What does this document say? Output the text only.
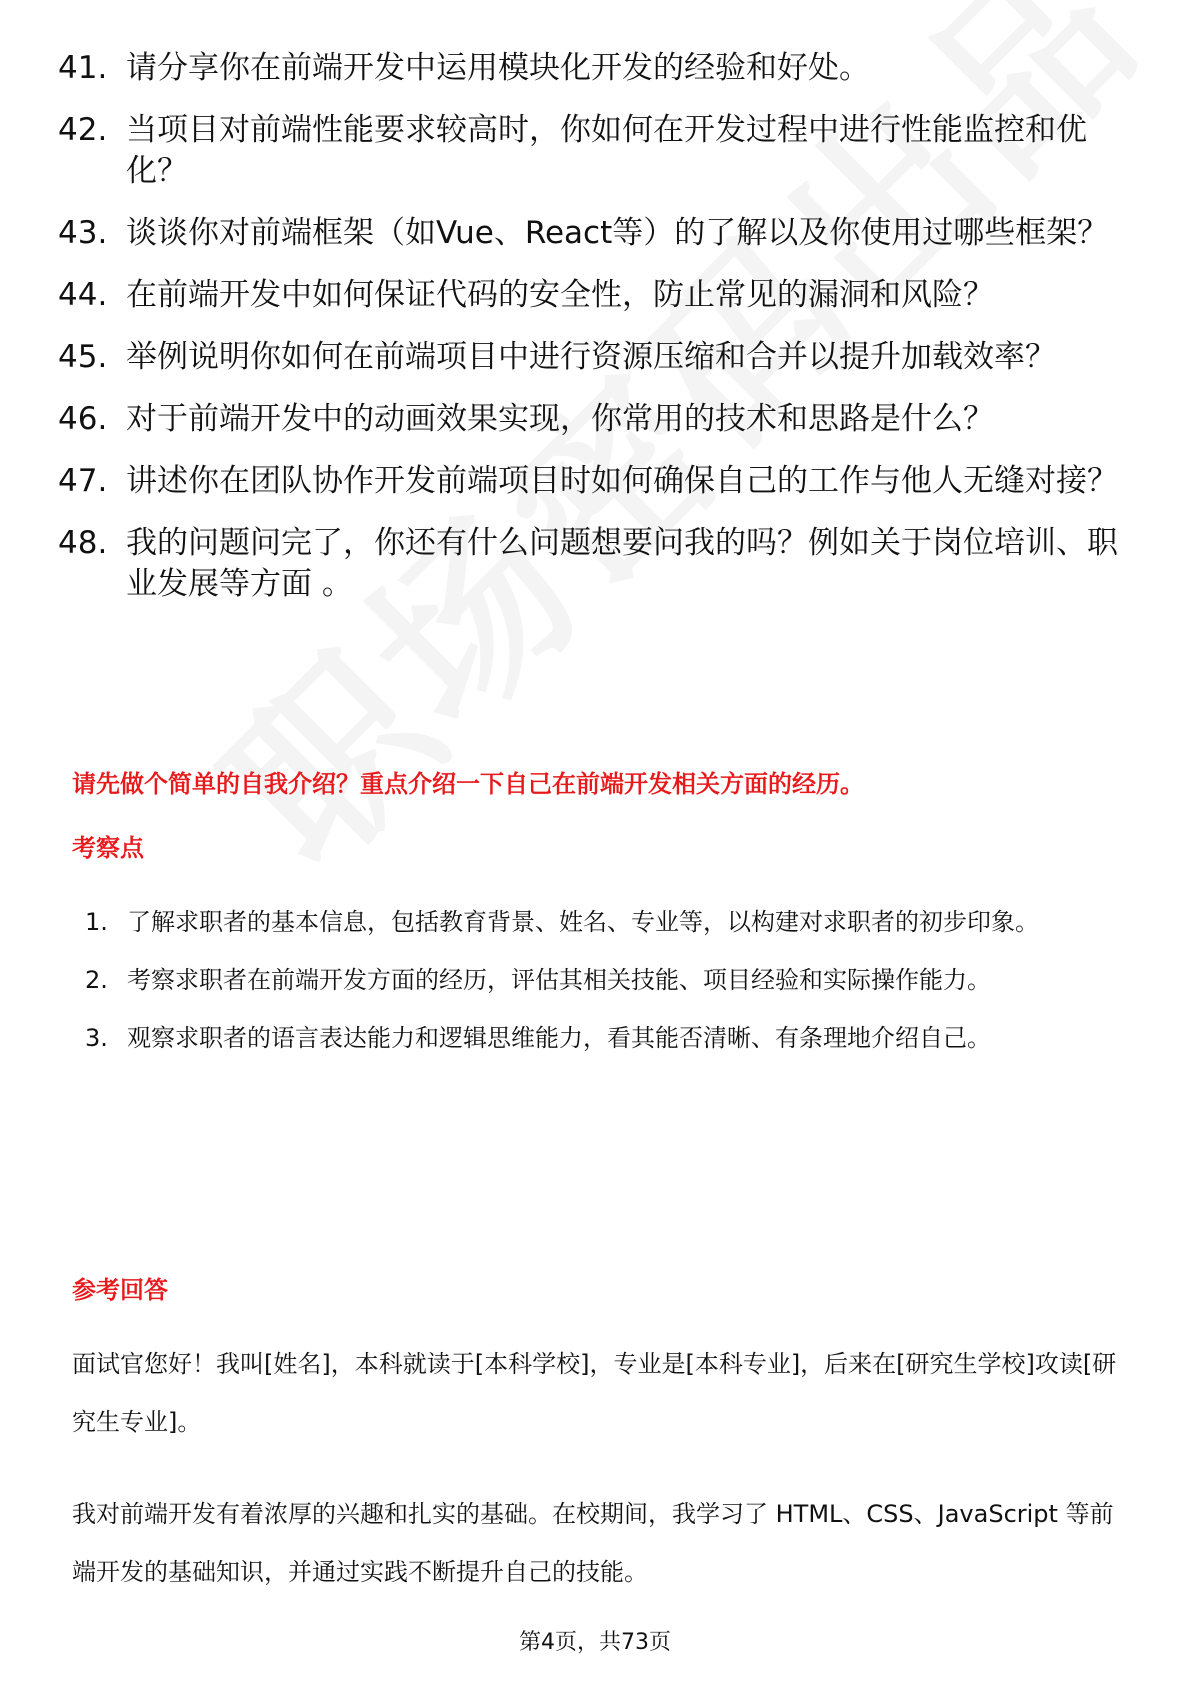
41. 请分享你在前端开发中运用模块化开发的经验和好处。
42. 当项目对前端性能要求较高时，你如何在开发过程中进行性能监控和优化？
43. 谈谈你对前端框架（如Vue、React等）的了解以及你使用过哪些框架？
44. 在前端开发中如何保证代码的安全性，防止常见的漏洞和风险？
45. 举例说明你如何在前端项目中进行资源压缩和合并以提升加载效率？
46. 对于前端开发中的动画效果实现，你常用的技术和思路是什么？
47. 讲述你在团队协作开发前端项目时如何确保自己的工作与他人无缝对接？
48. 我的问题问完了，你还有什么问题想要问我的吗？例如关于岗位培训、职业发展等方面 。
请先做个简单的自我介绍？重点介绍一下自己在前端开发相关方面的经历。
考察点
1. 了解求职者的基本信息，包括教育背景、姓名、专业等，以构建对求职者的初步印象。
2. 考察求职者在前端开发方面的经历，评估其相关技能、项目经验和实际操作能力。
3. 观察求职者的语言表达能力和逻辑思维能力，看其能否清晰、有条理地介绍自己。
参考回答
面试官您好！我叫[姓名]，本科就读于[本科学校]，专业是[本科专业]，后来在[研究生学校]攻读[研究生专业]。
我对前端开发有着浓厚的兴趣和扎实的基础。在校期间，我学习了 HTML、CSS、JavaScript 等前端开发的基础知识，并通过实践不断提升自己的技能。
第4页，共73页
